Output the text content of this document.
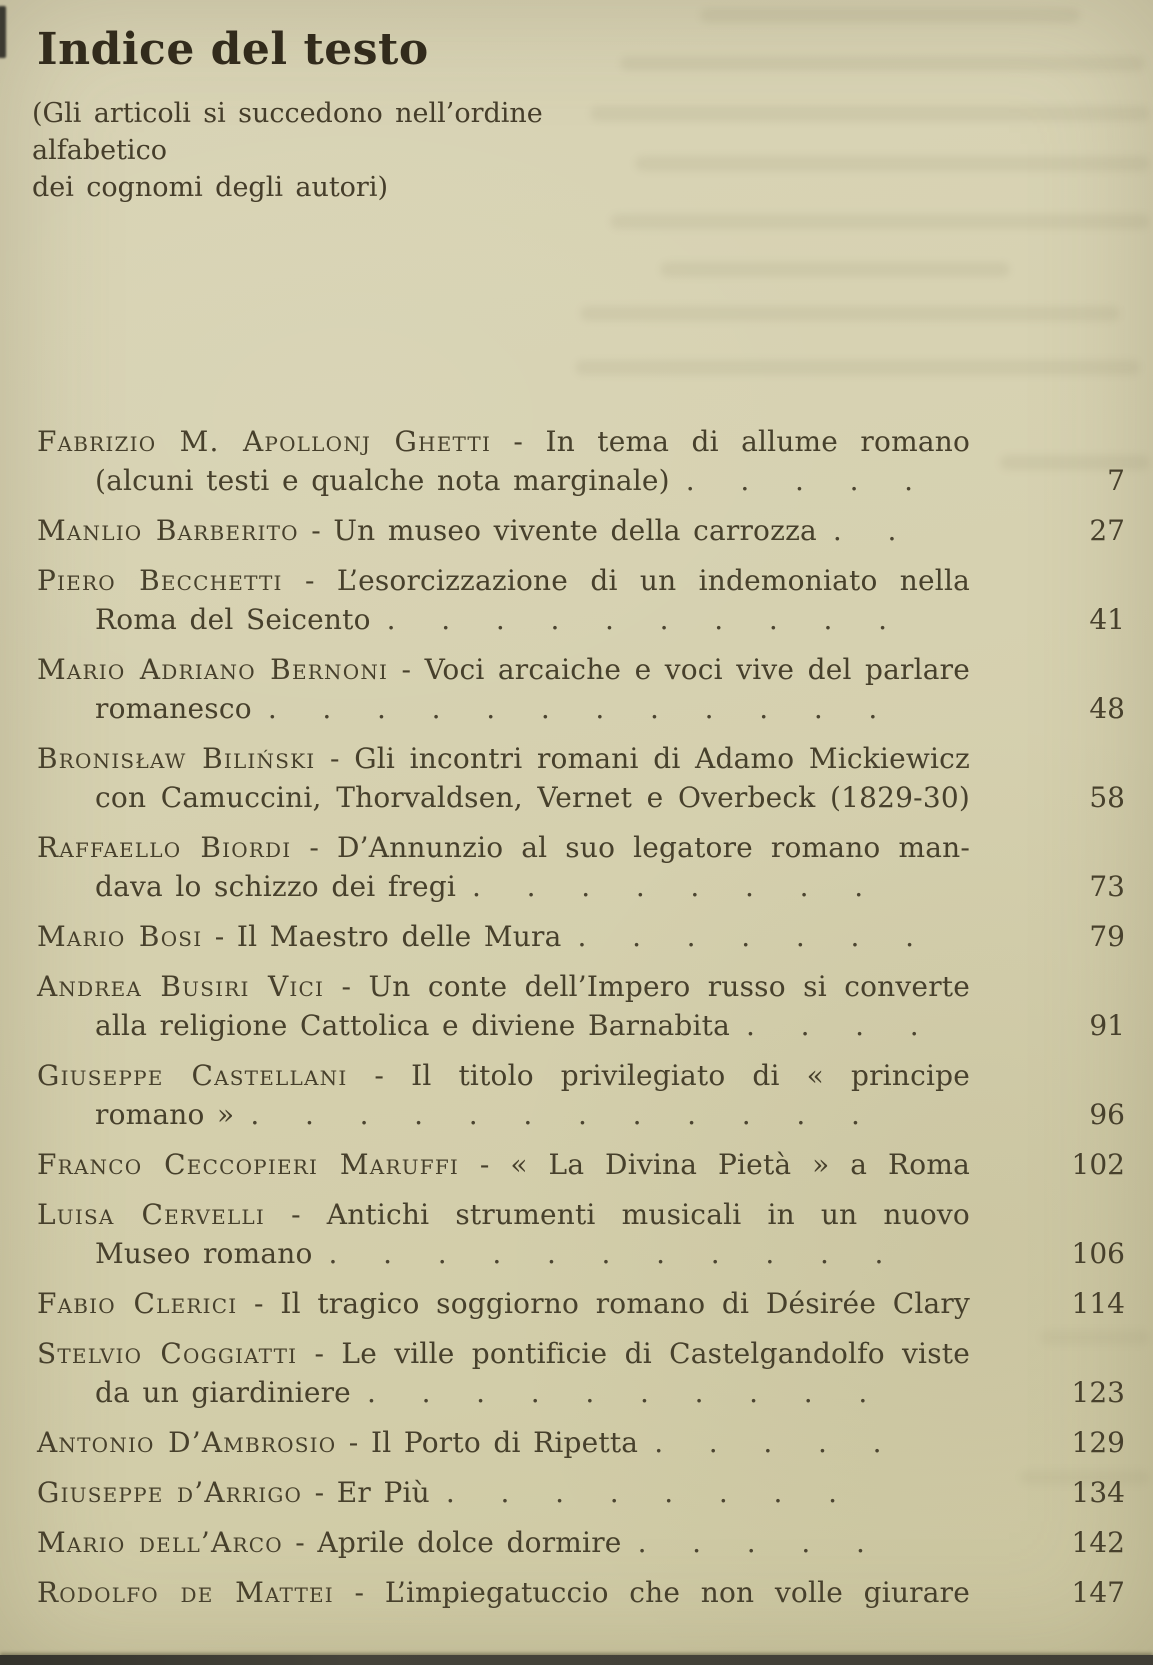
Indice del testo
(Gli articoli si succedono nell’ordine alfabetico
dei cognomi degli autori)
Fabrizio M. Apollonj Ghetti - In tema di allume romano
(alcuni testi e qualche nota marginale) . . . . .	7
Manlio Barberito - Un museo vivente della carrozza . .	27
Piero Becchetti - L’esorcizzazione di un indemoniato nella
Roma del Seicento . . . . . . . . . .	41
Mario Adriano Bernoni - Voci arcaiche e voci vive del parlare
romanesco . . . . . . . . . . . .	48
Bronisław Biliński - Gli incontri romani di Adamo Mickiewicz
con Camuccini, Thorvaldsen, Vernet e Overbeck (1829-30)	58
Raffaello Biordi - D’Annunzio al suo legatore romano man-
dava lo schizzo dei fregi . . . . . . . .	73
Mario Bosi - Il Maestro delle Mura . . . . . . .	79
Andrea Busiri Vici - Un conte dell’Impero russo si converte
alla religione Cattolica e diviene Barnabita . . . .	91
Giuseppe Castellani - Il titolo privilegiato di « principe
romano » . . . . . . . . . . . .	96
Franco Ceccopieri Maruffi - « La Divina Pietà » a Roma	102
Luisa Cervelli - Antichi strumenti musicali in un nuovo
Museo romano . . . . . . . . . . .	106
Fabio Clerici - Il tragico soggiorno romano di Désirée Clary	114
Stelvio Coggiatti - Le ville pontificie di Castelgandolfo viste
da un giardiniere . . . . . . . . . .	123
Antonio D’Ambrosio - Il Porto di Ripetta . . . . .	129
Giuseppe d’Arrigo - Er Più . . . . . . . .	134
Mario dell’Arco - Aprile dolce dormire . . . . .	142
Rodolfo de Mattei - L’impiegatuccio che non volle giurare	147
